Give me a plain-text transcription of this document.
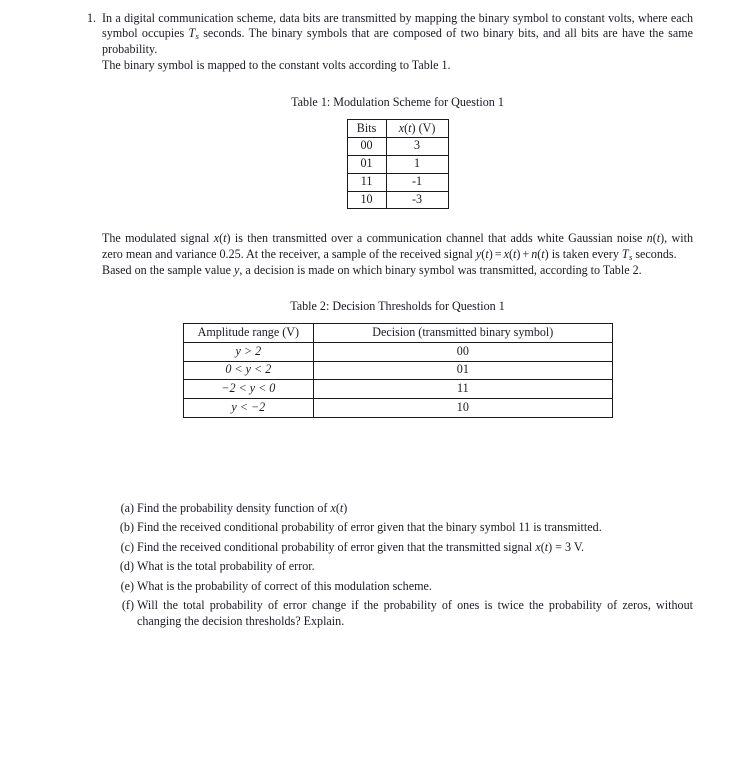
1. In a digital communication scheme, data bits are transmitted by mapping the binary symbol to constant volts, where each symbol occupies $T_s$ seconds. The binary symbols that are composed of two binary bits, and all bits are have the same probability.

The binary symbol is mapped to the constant volts according to Table 1.

Table 1: Modulation Scheme for Question 1

Bits	x(t) (V)
00	3
01	1
11	-1
10	-3

The modulated signal x(t) is then transmitted over a communication channel that adds white Gaussian noise n(t), with zero mean and variance 0.25. At the receiver, a sample of the received signal y(t) = x(t) + n(t) is taken every $T_s$ seconds.

Based on the sample value y, a decision is made on which binary symbol was transmitted, according to Table 2.

Table 2: Decision Thresholds for Question 1

Amplitude range (V)	Decision (transmitted binary symbol)
y > 2	00
0 < y < 2	01
−2 < y < 0	11
y < −2	10
(a) Find the probability density function of x(t)
(b) Find the received conditional probability of error given that the binary symbol 11 is transmitted.
(c) Find the received conditional probability of error given that the transmitted signal x(t) = 3 V.
(d) What is the total probability of error.
(e) What is the probability of correct of this modulation scheme.
(f) Will the total probability of error change if the probability of ones is twice the probability of zeros, without changing the decision thresholds? Explain.
